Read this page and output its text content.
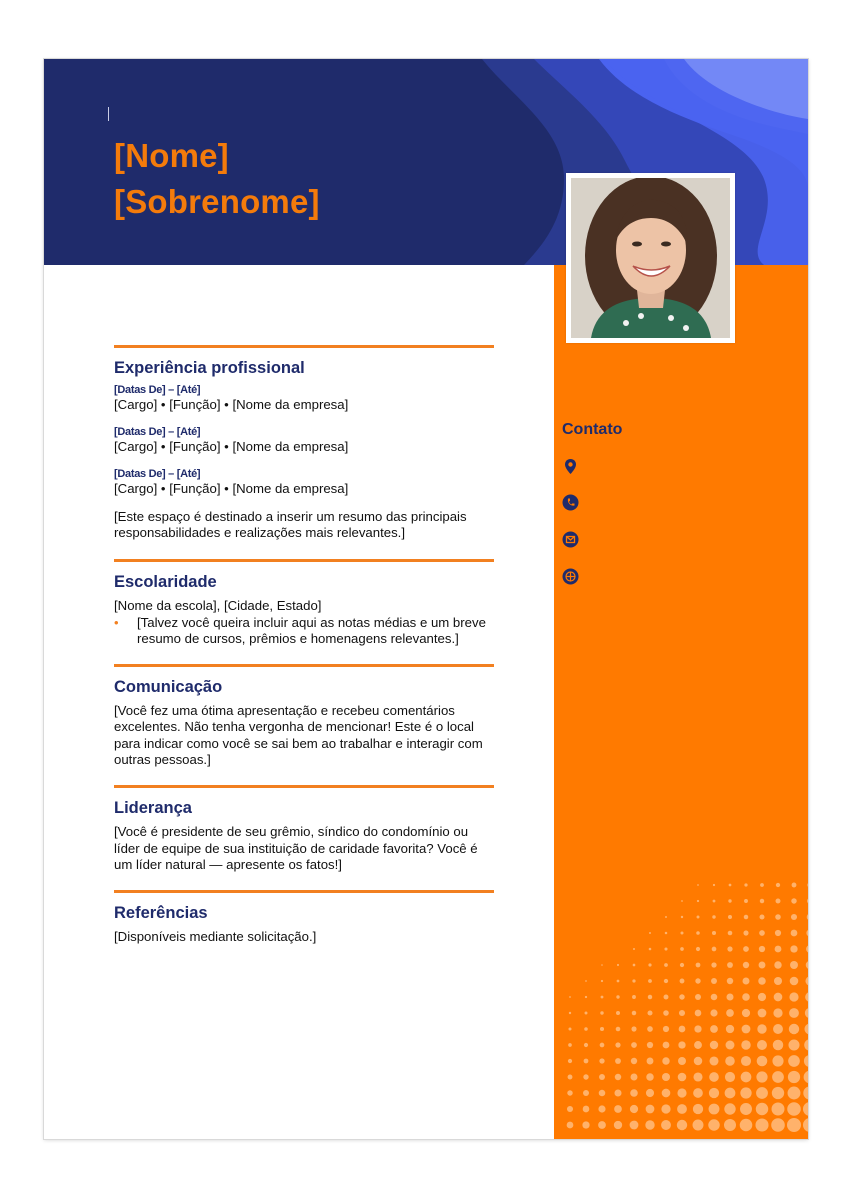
[Nome]
[Sobrenome]
Contato
Experiência profissional
[Datas De] – [Até]
[Cargo] • [Função] • [Nome da empresa]
[Datas De] – [Até]
[Cargo] • [Função] • [Nome da empresa]
[Datas De] – [Até]
[Cargo] • [Função] • [Nome da empresa]
[Este espaço é destinado a inserir um resumo das principais
responsabilidades e realizações mais relevantes.]
Escolaridade
[Nome da escola], [Cidade, Estado]
•	[Talvez você queira incluir aqui as notas médias e um breve resumo de cursos, prêmios e homenagens relevantes.]
Comunicação
[Você fez uma ótima apresentação e recebeu comentários excelentes. Não tenha vergonha de mencionar! Este é o local para indicar como você se sai bem ao trabalhar e interagir com outras pessoas.]
Liderança
[Você é presidente de seu grêmio, síndico do condomínio ou líder de equipe de sua instituição de caridade favorita? Você é um líder natural — apresente os fatos!]
Referências
[Disponíveis mediante solicitação.]
